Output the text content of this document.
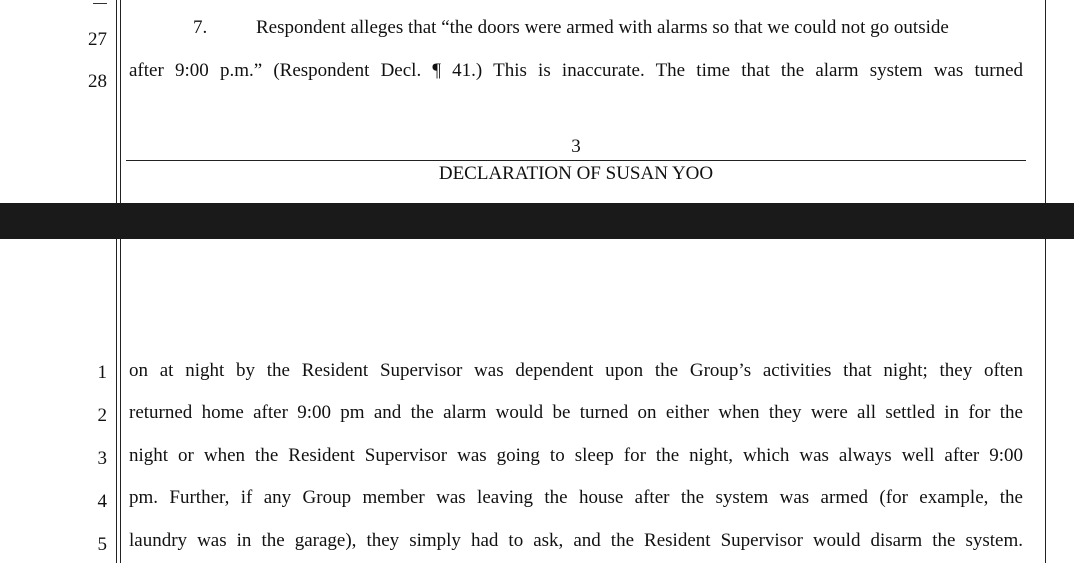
27
28
7.	Respondent alleges that “the doors were armed with alarms so that we could not go outside
after 9:00 p.m.” (Respondent Decl. ¶ 41.) This is inaccurate. The time that the alarm system was turned
3
DECLARATION OF SUSAN YOO
1 on at night by the Resident Supervisor was dependent upon the Group’s activities that night; they often
2 returned home after 9:00 pm and the alarm would be turned on either when they were all settled in for the
3 night or when the Resident Supervisor was going to sleep for the night, which was always well after 9:00
4 pm. Further, if any Group member was leaving the house after the system was armed (for example, the
5 laundry was in the garage), they simply had to ask, and the Resident Supervisor would disarm the system.
